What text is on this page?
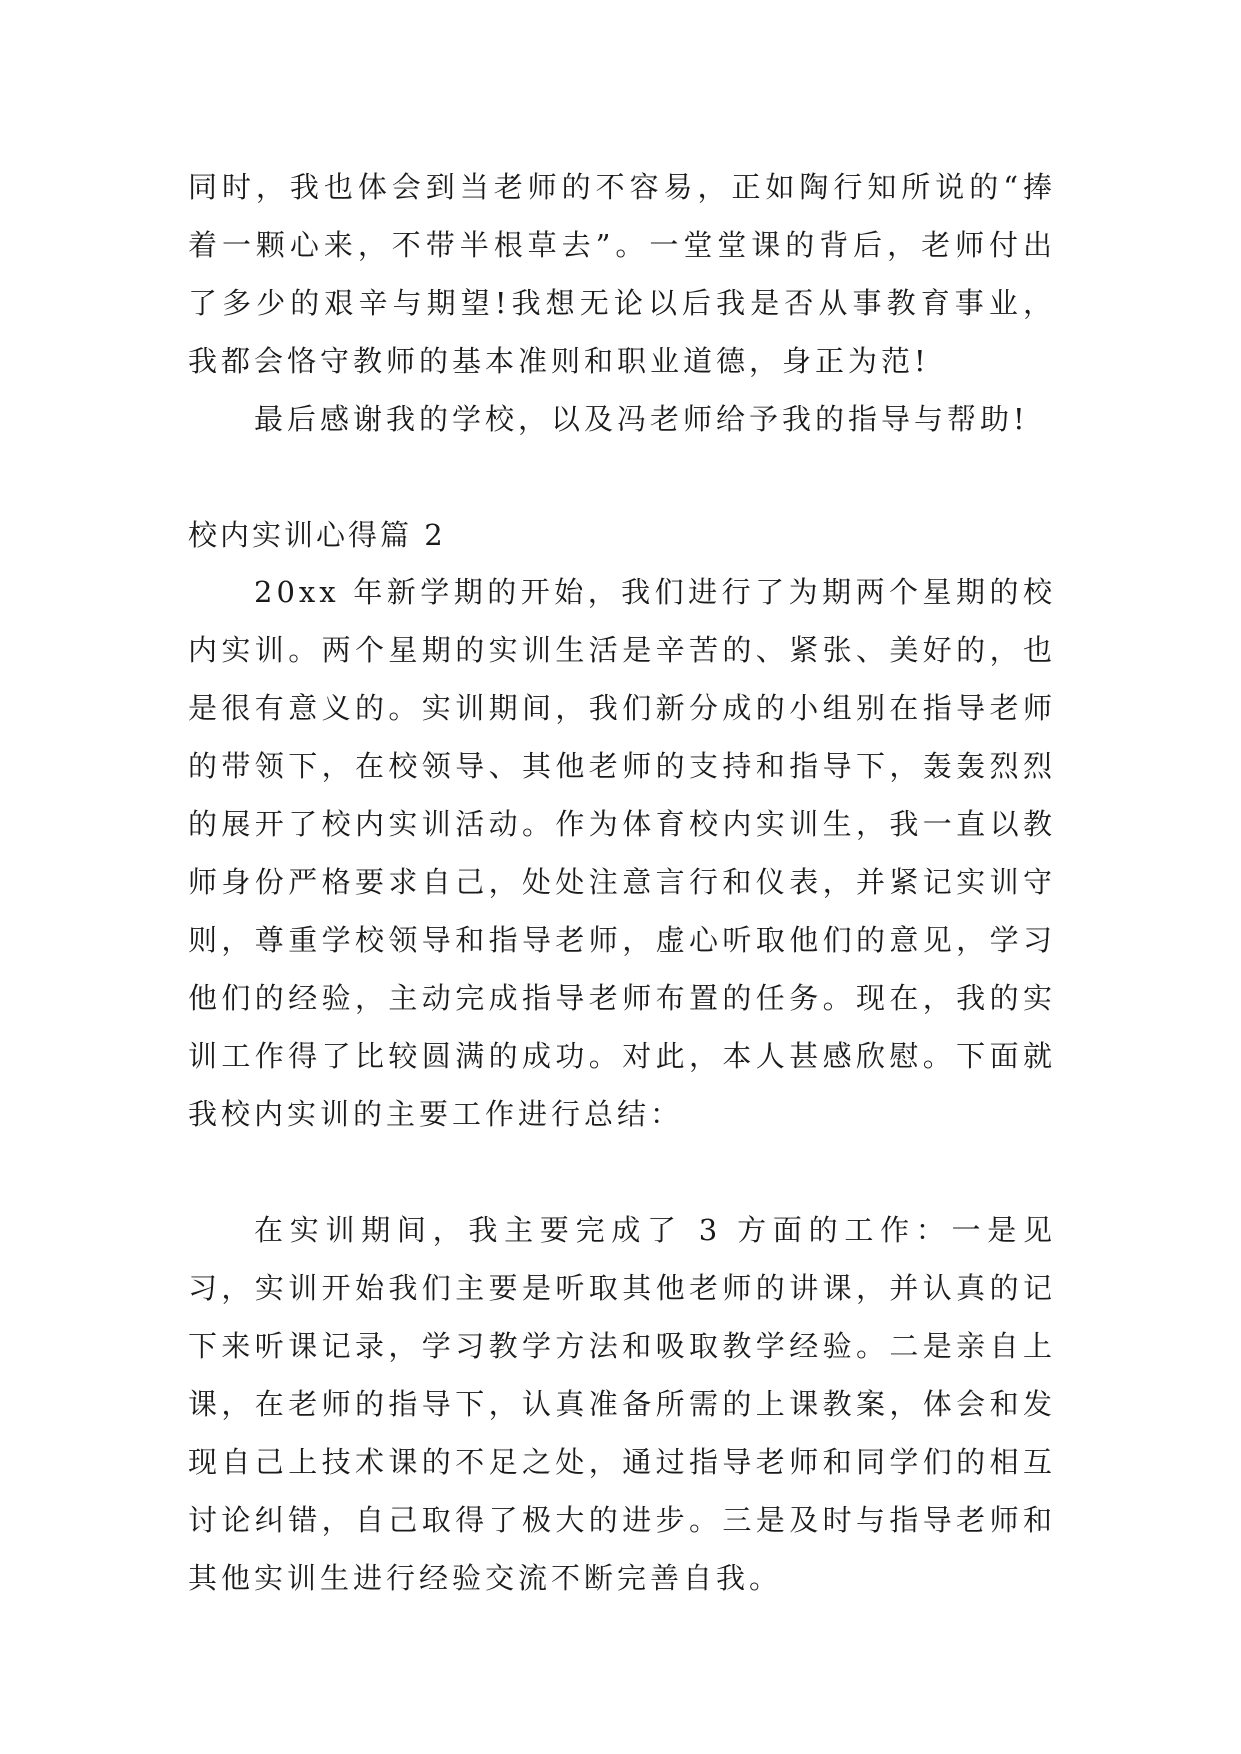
同时，我也体会到当老师的不容易，正如陶行知所说的“捧着一颗心来，不带半根草去”。一堂堂课的背后，老师付出了多少的艰辛与期望!我想无论以后我是否从事教育事业，我都会恪守教师的基本准则和职业道德，身正为范!

最后感谢我的学校，以及冯老师给予我的指导与帮助!

校内实训心得篇 2

20xx 年新学期的开始，我们进行了为期两个星期的校内实训。两个星期的实训生活是辛苦的、紧张、美好的，也是很有意义的。实训期间，我们新分成的小组别在指导老师的带领下，在校领导、其他老师的支持和指导下，轰轰烈烈的展开了校内实训活动。作为体育校内实训生，我一直以教师身份严格要求自己，处处注意言行和仪表，并紧记实训守则，尊重学校领导和指导老师，虚心听取他们的意见，学习他们的经验，主动完成指导老师布置的任务。现在，我的实训工作得了比较圆满的成功。对此，本人甚感欣慰。下面就我校内实训的主要工作进行总结：

在实训期间，我主要完成了 3 方面的工作：一是见习，实训开始我们主要是听取其他老师的讲课，并认真的记下来听课记录，学习教学方法和吸取教学经验。二是亲自上课，在老师的指导下，认真准备所需的上课教案，体会和发现自己上技术课的不足之处，通过指导老师和同学们的相互讨论纠错，自己取得了极大的进步。三是及时与指导老师和其他实训生进行经验交流不断完善自我。
